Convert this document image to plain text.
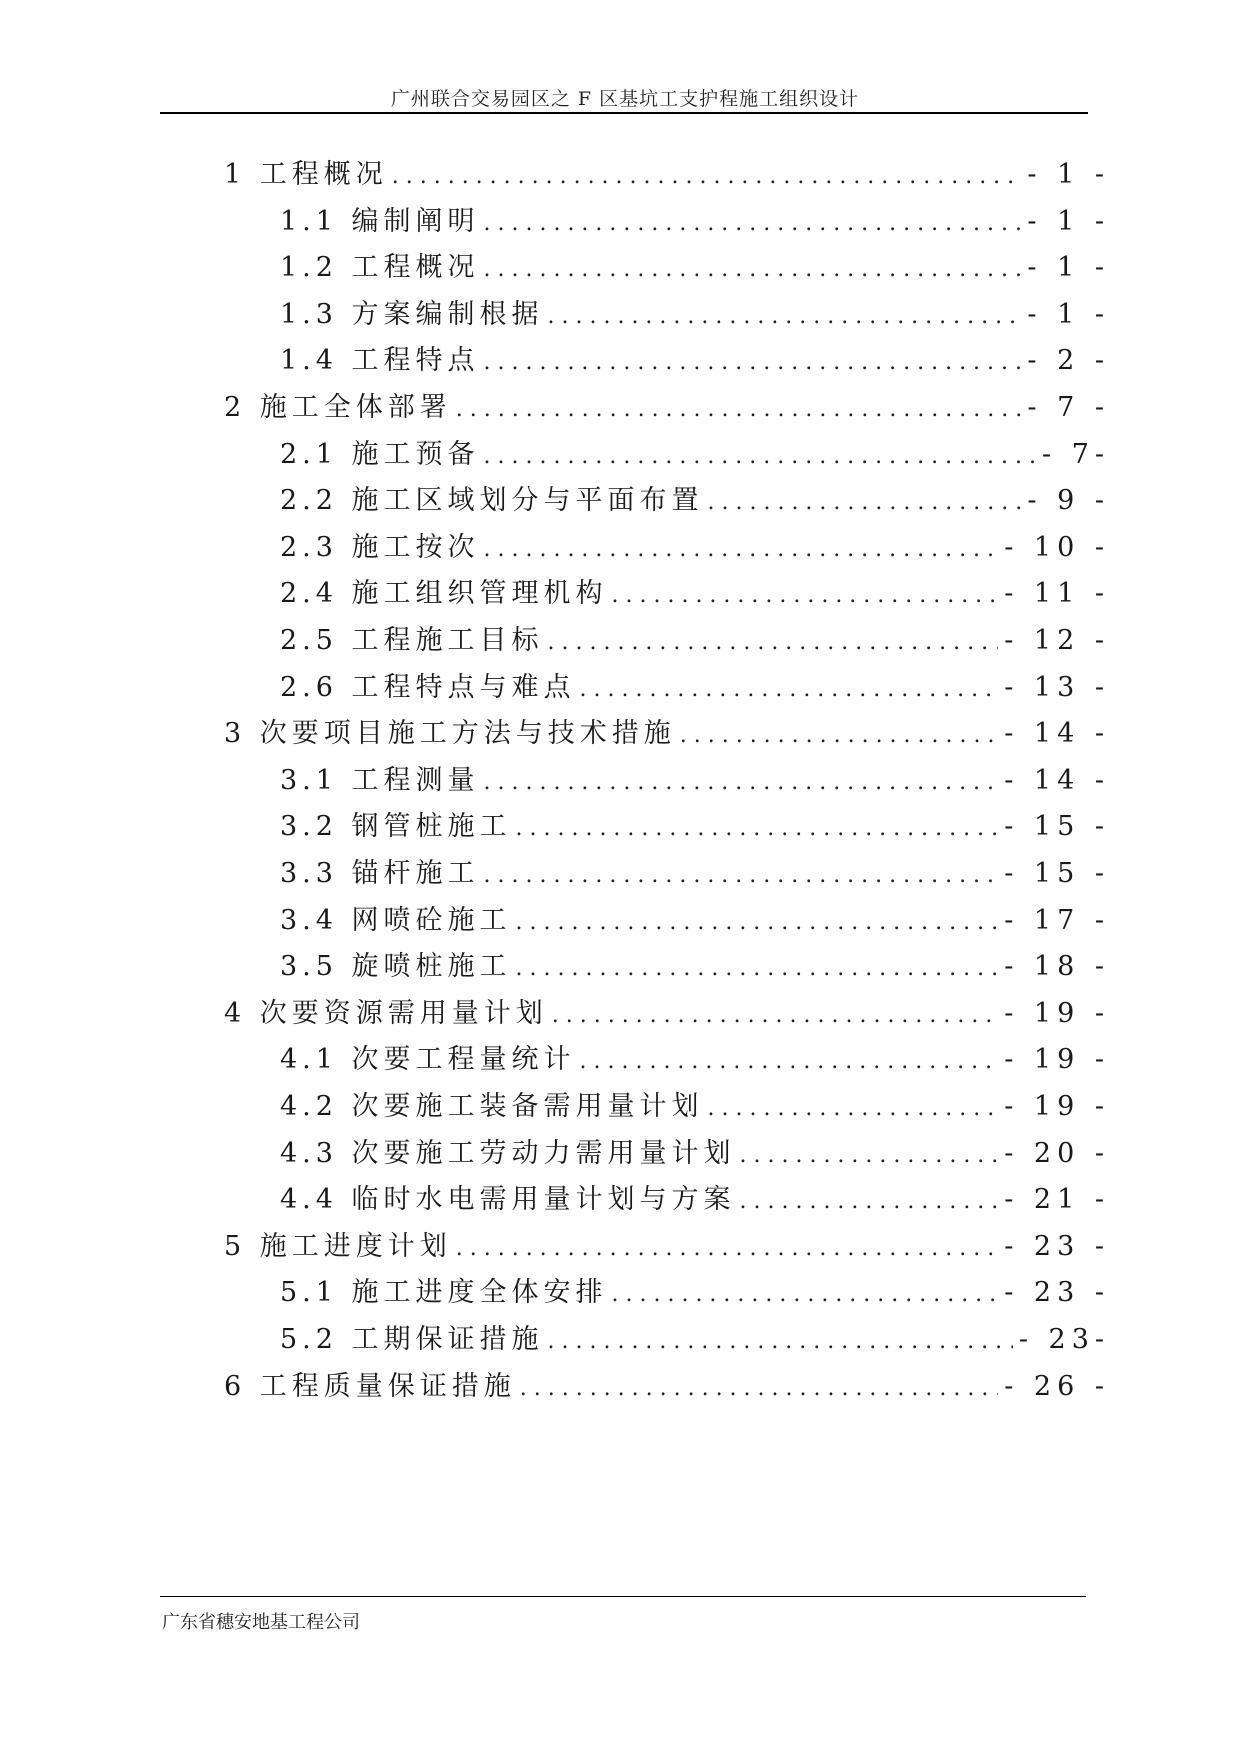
广州联合交易园区之 F 区基坑工支护程施工组织设计
1 工程概况 . . .	- 1 -
1.1 编制阐明 . . .	- 1 -
1.2 工程概况 . . .	- 1 -
1.3 方案编制根据 . . .	- 1 -
1.4 工程特点 . . .	- 2 -
2 施工全体部署 . . .	- 7 -
2.1 施工预备 . . .	- 7-
2.2 施工区域划分与平面布置 . . .	- 9 -
2.3 施工按次 . . .	- 10 -
2.4 施工组织管理机构 . . .	- 11 -
2.5 工程施工目标 . . .	- 12 -
2.6 工程特点与难点 . . .	- 13 -
3 次要项目施工方法与技术措施 . . .	- 14 -
3.1 工程测量 . . .	- 14 -
3.2 钢管桩施工 . . .	- 15 -
3.3 锚杆施工 . . .	- 15 -
3.4 网喷砼施工 . . .	- 17 -
3.5 旋喷桩施工 . . .	- 18 -
4 次要资源需用量计划 . . .	- 19 -
4.1 次要工程量统计 . . .	- 19 -
4.2 次要施工装备需用量计划 . . .	- 19 -
4.3 次要施工劳动力需用量计划 . . .	- 20 -
4.4 临时水电需用量计划与方案 . . .	- 21 -
5 施工进度计划 . . .	- 23 -
5.1 施工进度全体安排 . . .	- 23 -
5.2 工期保证措施 . . .	- 23-
6 工程质量保证措施 . . .	- 26 -
广东省穗安地基工程公司
